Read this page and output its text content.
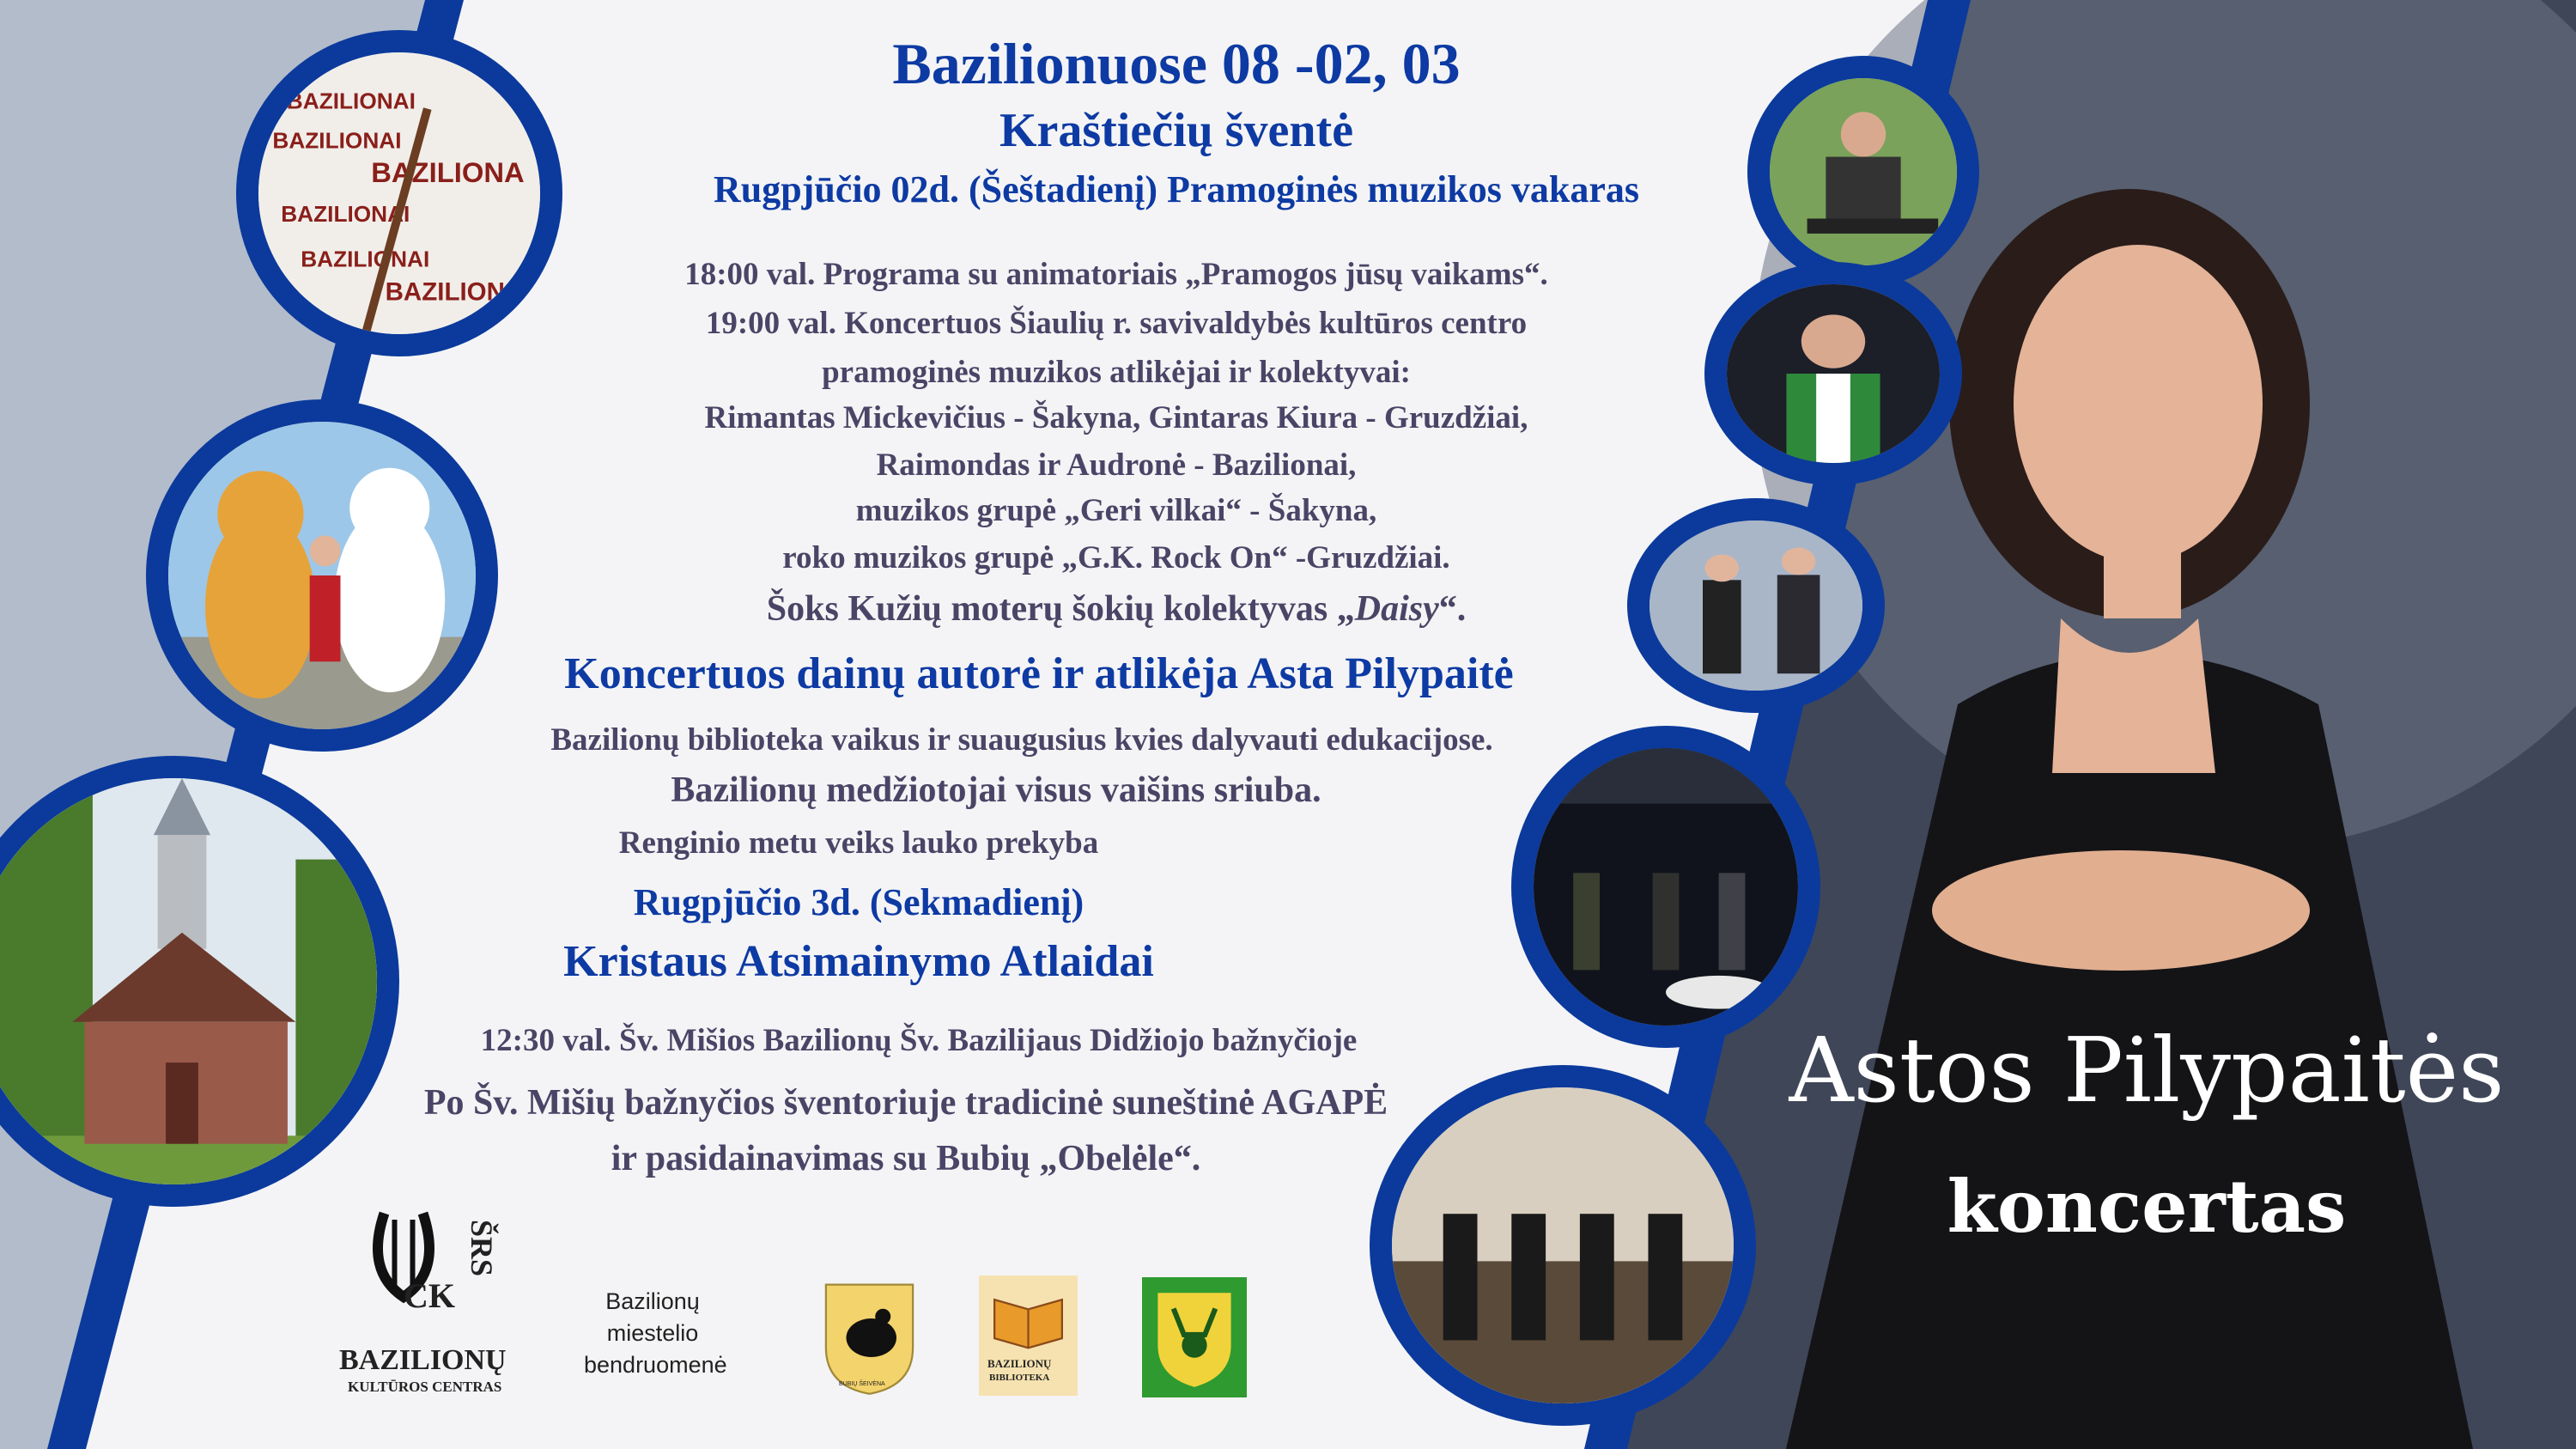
BAZILIONAI
BAZILIONAI
BAZILIONA
BAZILIONAI
BAZILIONAI
BAZILIONA
Bazilionuose 08 -02, 03
Kraštiečių šventė
Rugpjūčio 02d. (Šeštadienį) Pramoginės muzikos vakaras
18:00 val. Programa su animatoriais „Pramogos jūsų vaikams“.
19:00 val. Koncertuos Šiaulių r. savivaldybės kultūros centro
pramoginės muzikos atlikėjai ir kolektyvai:
Rimantas Mickevičius - Šakyna, Gintaras Kiura - Gruzdžiai,
Raimondas ir Audronė - Bazilionai,
muzikos grupė „Geri vilkai“ - Šakyna,
roko muzikos grupė „G.K. Rock On“ -Gruzdžiai.
Šoks Kužių moterų šokių kolektyvas „Daisy“.
Koncertuos dainų autorė ir atlikėja Asta Pilypaitė
Bazilionų biblioteka vaikus ir suaugusius kvies dalyvauti edukacijose.
Bazilionų medžiotojai visus vaišins sriuba.
Renginio metu veiks lauko prekyba
Rugpjūčio 3d. (Sekmadienį)
Kristaus Atsimainymo Atlaidai
12:30 val. Šv. Mišios Bazilionų Šv. Bazilijaus Didžiojo bažnyčioje
Po Šv. Mišių bažnyčios šventoriuje tradicinė suneštinė AGAPĖ
ir pasidainavimas su Bubių „Obelėle“.
Astos Pilypaitės
koncertas
ŠRS
CK
BAZILIONŲ
KULTŪROS CENTRAS
Bazilionų
miestelio
bendruomenė
BUBIŲ ŠEIVĖNA
BAZILIONŲ
BIBLIOTEKA
